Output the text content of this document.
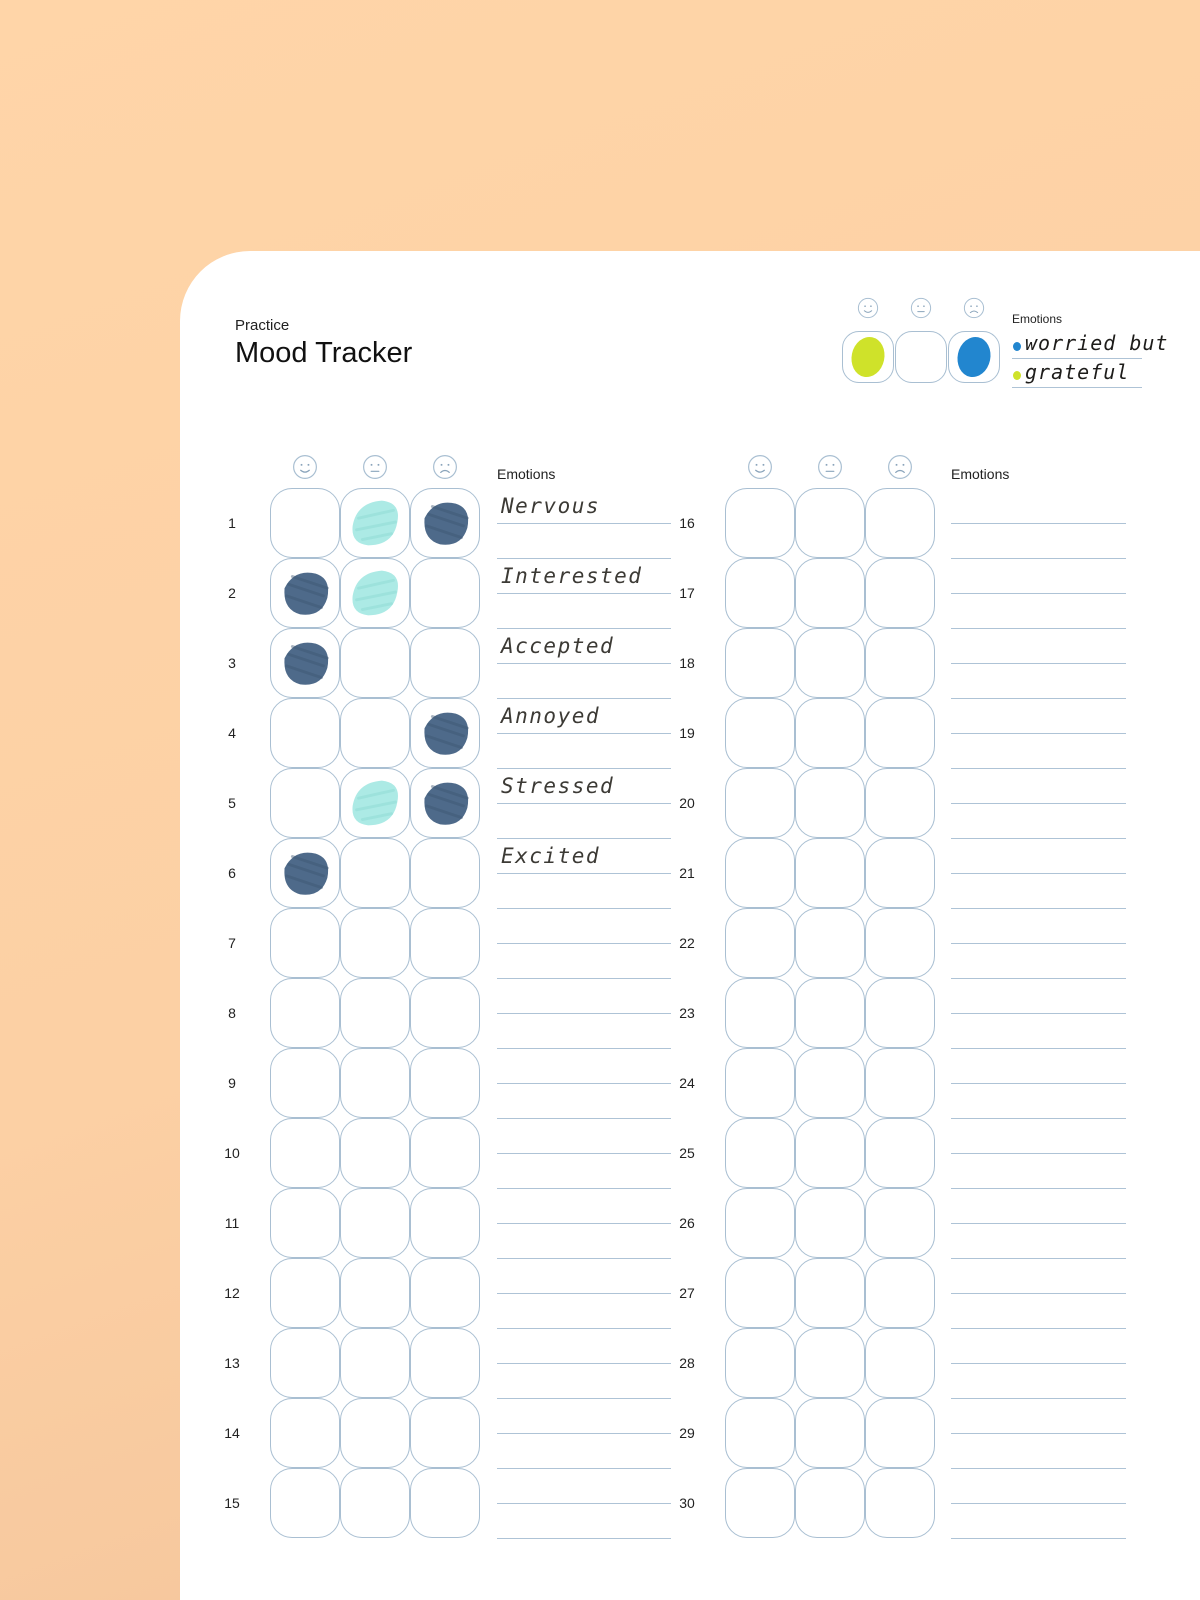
Practice
Mood Tracker
Emotions
worried but
grateful
Emotions
1
Nervous
2
Interested
3
Accepted
4
Annoyed
5
Stressed
6
Excited
7
8
9
10
11
12
13
14
15
Emotions
16
17
18
19
20
21
22
23
24
25
26
27
28
29
30
